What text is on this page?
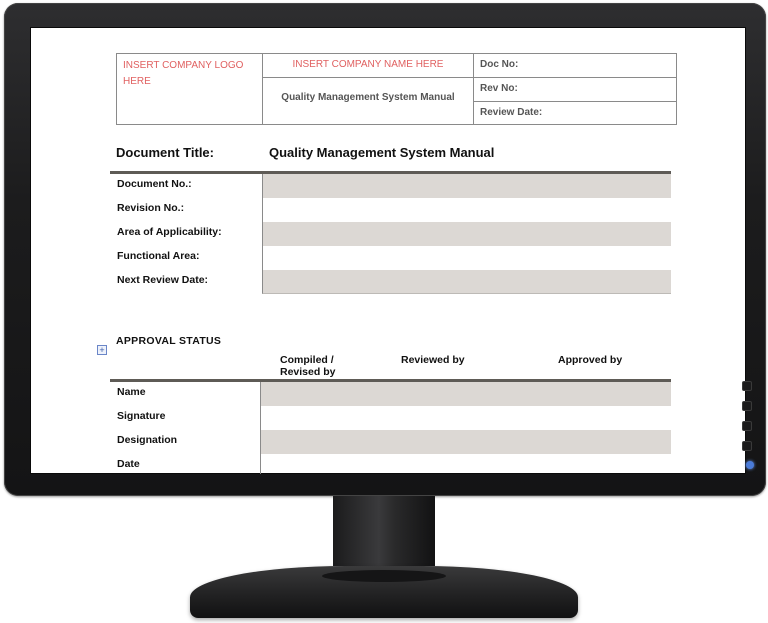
INSERT COMPANY LOGO HERE
INSERT COMPANY NAME HERE
Quality Management System Manual
Doc No:
Rev No:
Review Date:
Document Title:	Quality Management System Manual
Document No.:
Revision No.:
Area of Applicability:
Functional Area:
Next Review Date:
+
APPROVAL STATUS
Compiled / Revised by
Reviewed by	Approved by
Name
Signature
Designation
Date
